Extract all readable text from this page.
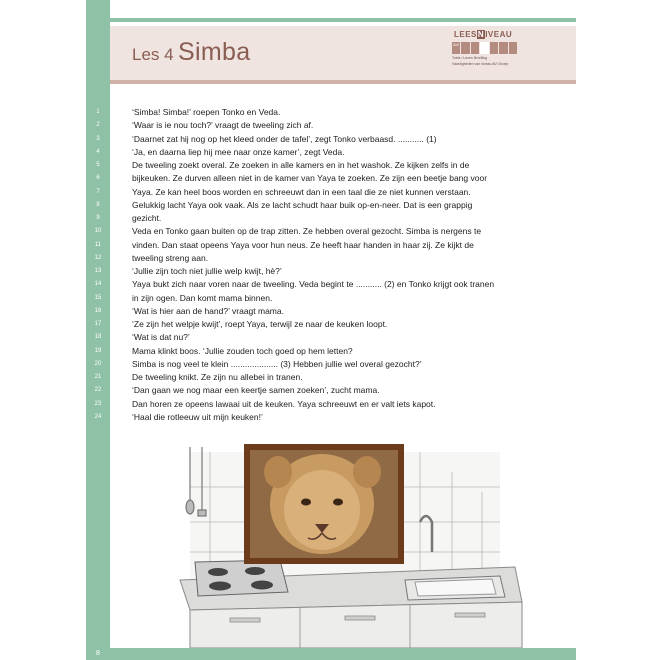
Les 4 Simba
LEESNIVEAU
AVI
Toets / Lezen Nivelling
Vaardigheden van niveau AVI Groep
1
2
3
4
5
6
7
8
9
10
11
12
13
14
15
16
17
18
19
20
21
22
23
24
‘Simba! Simba!’ roepen Tonko en Veda.
‘Waar is ie nou toch?’ vraagt de tweeling zich af.
‘Daarnet zat hij nog op het kleed onder de tafel’, zegt Tonko verbaasd. ........... (1)
‘Ja, en daarna liep hij mee naar onze kamer’, zegt Veda.
De tweeling zoekt overal. Ze zoeken in alle kamers en in het washok. Ze kijken zelfs in de
bijkeuken. Ze durven alleen niet in de kamer van Yaya te zoeken. Ze zijn een beetje bang voor
Yaya. Ze kan heel boos worden en schreeuwt dan in een taal die ze niet kunnen verstaan.
Gelukkig lacht Yaya ook vaak. Als ze lacht schudt haar buik op-en-neer. Dat is een grappig
gezicht.
Veda en Tonko gaan buiten op de trap zitten. Ze hebben overal gezocht. Simba is nergens te
vinden. Dan staat opeens Yaya voor hun neus. Ze heeft haar handen in haar zij. Ze kijkt de
tweeling streng aan.
‘Jullie zijn toch niet jullie welp kwijt, hè?’
Yaya bukt zich naar voren naar de tweeling. Veda begint te ........... (2) en Tonko krijgt ook tranen
in zijn ogen. Dan komt mama binnen.
‘Wat is hier aan de hand?’ vraagt mama.
‘Ze zijn het welpje kwijt’, roept Yaya, terwijl ze naar de keuken loopt.
‘Wat is dat nu?’
Mama klinkt boos. ‘Jullie zouden toch goed op hem letten?
Simba is nog veel te klein .................... (3) Hebben jullie wel overal gezocht?’
De tweeling knikt. Ze zijn nu allebei in tranen.
‘Dan gaan we nog maar een keertje samen zoeken’, zucht mama.
Dan horen ze opeens lawaai uit de keuken. Yaya schreeuwt en er valt iets kapot.
‘Haal die rotleeuw uit mijn keuken!’
8
